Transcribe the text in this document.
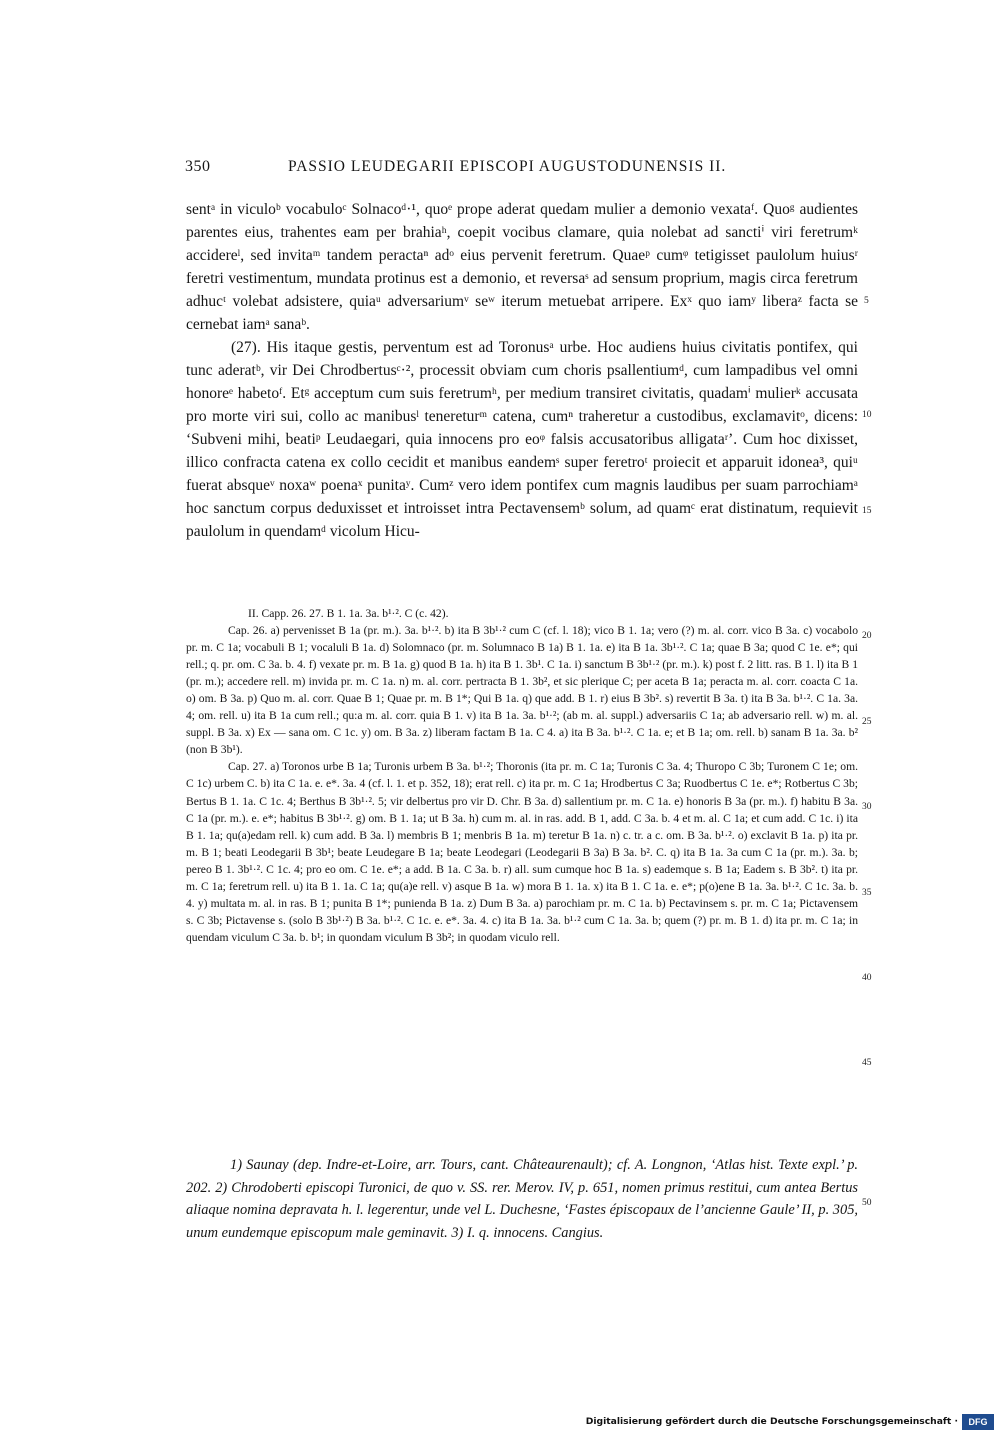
350	PASSIO LEUDEGARII EPISCOPI AUGUSTODUNENSIS II.

sentᵃ in viculoᵇ vocabuloᶜ Solnacoᵈ·¹, quoᵉ prope aderat quedam mulier a demonio vexataᶠ. Quoᵍ audientes parentes eius, trahentes eam per brahiaʰ, coepit vocibus clamare, quia nolebat ad sanctiⁱ viri feretrumᵏ accidereˡ, sed invitaᵐ tandem peractaⁿ adᵒ eius pervenit feretrum. Quaeᵖ cumᵠ tetigisset paulolum huiusʳ feretri vestimentum, mundata protinus est a demonio, et reversaˢ ad sensum proprium, magis circa feretrum adhucᵗ volebat adsistere, quiaᵘ adversariumᵛ seʷ iterum metuebat arripere. Exˣ quo iamʸ liberaᶻ facta se cernebat iamᵃ sanaᵇ.

(27). His itaque gestis, perventum est ad Toronusᵃ urbe. Hoc audiens huius civitatis pontifex, qui tunc aderatᵇ, vir Dei Chrodbertusᶜ·², processit obviam cum choris psallentiumᵈ, cum lampadibus vel omni honoreᵉ habetoᶠ. Etᵍ acceptum cum suis feretrumʰ, per medium transiret civitatis, quadamⁱ mulierᵏ accusata pro morte viri sui, collo ac manibusˡ tenereturᵐ catena, cumⁿ traheretur a custodibus, exclamavitᵒ, dicens: ‘Subveni mihi, beatiᵖ Leudaegari, quia innocens pro eoᵠ falsis accusatoribus alligataʳ’. Cum hoc dixisset, illico confracta catena ex collo cecidit et manibus eandemˢ super feretroᵗ proiecit et apparuit idonea³, quiᵘ fuerat absqueᵛ noxaʷ poenaˣ punitaʸ. Cumᶻ vero idem pontifex cum magnis laudibus per suam parrochiamᵃ hoc sanctum corpus deduxisset et introisset intra Pectavensemᵇ solum, ad quamᶜ erat distinatum, requievit paulolum in quendamᵈ vicolum Hicu-

II. Capp. 26. 27. B 1. 1a. 3a. b¹·². C (c. 42).

Cap. 26. a) pervenisset B 1a (pr. m.). 3a. b¹·². b) ita B 3b¹·² cum C (cf. l. 18); vico B 1. 1a; vero (?) m. al. corr. vico B 3a. c) vocabolo pr. m. C 1a; vocabuli B 1; vocaluli B 1a. d) Solomnaco (pr. m. Solumnaco B 1a) B 1. 1a. e) ita B 1a. 3b¹·². C 1a; quae B 3a; quod C 1e. e*; qui rell.; q. pr. om. C 3a. b. 4. f) vexate pr. m. B 1a. g) quod B 1a. h) ita B 1. 3b¹. C 1a. i) sanctum B 3b¹·² (pr. m.). k) post f. 2 litt. ras. B 1. l) ita B 1 (pr. m.); accedere rell. m) invida pr. m. C 1a. n) m. al. corr. pertracta B 1. 3b², et sic plerique C; per aceta B 1a; peracta m. al. corr. coacta C 1a. o) om. B 3a. p) Quo m. al. corr. Quae B 1; Quae pr. m. B 1*; Qui B 1a. q) que add. B 1. r) eius B 3b². s) revertit B 3a. t) ita B 3a. b¹·². C 1a. 3a. 4; om. rell. u) ita B 1a cum rell.; qu:a m. al. corr. quia B 1. v) ita B 1a. 3a. b¹·²; (ab m. al. suppl.) adversariis C 1a; ab adversario rell. w) m. al. suppl. B 3a. x) Ex — sana om. C 1c. y) om. B 3a. z) liberam factam B 1a. C 4. a) ita B 3a. b¹·². C 1a. e; et B 1a; om. rell. b) sanam B 1a. 3a. b² (non B 3b¹).

Cap. 27. a) Toronos urbe B 1a; Turonis urbem B 3a. b¹·²; Thoronis (ita pr. m. C 1a; Turonis C 3a. 4; Thuropo C 3b; Turonem C 1e; om. C 1c) urbem C. b) ita C 1a. e. e*. 3a. 4 (cf. l. 1. et p. 352, 18); erat rell. c) ita pr. m. C 1a; Hrodbertus C 3a; Ruodbertus C 1e. e*; Rotbertus C 3b; Bertus B 1. 1a. C 1c. 4; Berthus B 3b¹·². 5; vir delbertus pro vir D. Chr. B 3a. d) sallentium pr. m. C 1a. e) honoris B 3a (pr. m.). f) habitu B 3a. C 1a (pr. m.). e. e*; habitus B 3b¹·². g) om. B 1. 1a; ut B 3a. h) cum m. al. in ras. add. B 1, add. C 3a. b. 4 et m. al. C 1a; et cum add. C 1c. i) ita B 1. 1a; qu(a)edam rell. k) cum add. B 3a. l) membris B 1; menbris B 1a. m) teretur B 1a. n) c. tr. a c. om. B 3a. b¹·². o) exclavit B 1a. p) ita pr. m. B 1; beati Leodegarii B 3b¹; beate Leudegare B 1a; beate Leodegari (Leodegarii B 3a) B 3a. b². C. q) ita B 1a. 3a cum C 1a (pr. m.). 3a. b; pereo B 1. 3b¹·². C 1c. 4; pro eo om. C 1e. e*; a add. B 1a. C 3a. b. r) all. sum cumque hoc B 1a. s) eademque s. B 1a; Eadem s. B 3b². t) ita pr. m. C 1a; feretrum rell. u) ita B 1. 1a. C 1a; qu(a)e rell. v) asque B 1a. w) mora B 1. 1a. x) ita B 1. C 1a. e. e*; p(o)ene B 1a. 3a. b¹·². C 1c. 3a. b. 4. y) multata m. al. in ras. B 1; punita B 1*; punienda B 1a. z) Dum B 3a. a) parochiam pr. m. C 1a. b) Pectavinsem s. pr. m. C 1a; Pictavensem s. C 3b; Pictavense s. (solo B 3b¹·²) B 3a. b¹·². C 1c. e. e*. 3a. 4. c) ita B 1a. 3a. b¹·² cum C 1a. 3a. b; quem (?) pr. m. B 1. d) ita pr. m. C 1a; in quendam viculum C 3a. b. b¹; in quondam viculum B 3b²; in quodam viculo rell.

1) Saunay (dep. Indre-et-Loire, arr. Tours, cant. Châteaurenault); cf. A. Longnon, ‘Atlas hist. Texte expl.’ p. 202. 2) Chrodoberti episcopi Turonici, de quo v. SS. rer. Merov. IV, p. 651, nomen primus restitui, cum antea Bertus aliaque nomina depravata h. l. legerentur, unde vel L. Duchesne, ‘Fastes épiscopaux de l’ancienne Gaule’ II, p. 305, unum eundemque episcopum male geminavit. 3) I. q. innocens. Cangius.

5
10
15
20
25
30
35
40
45
50
Digitalisierung gefördert durch die Deutsche Forschungsgemeinschaft ·	DFG
